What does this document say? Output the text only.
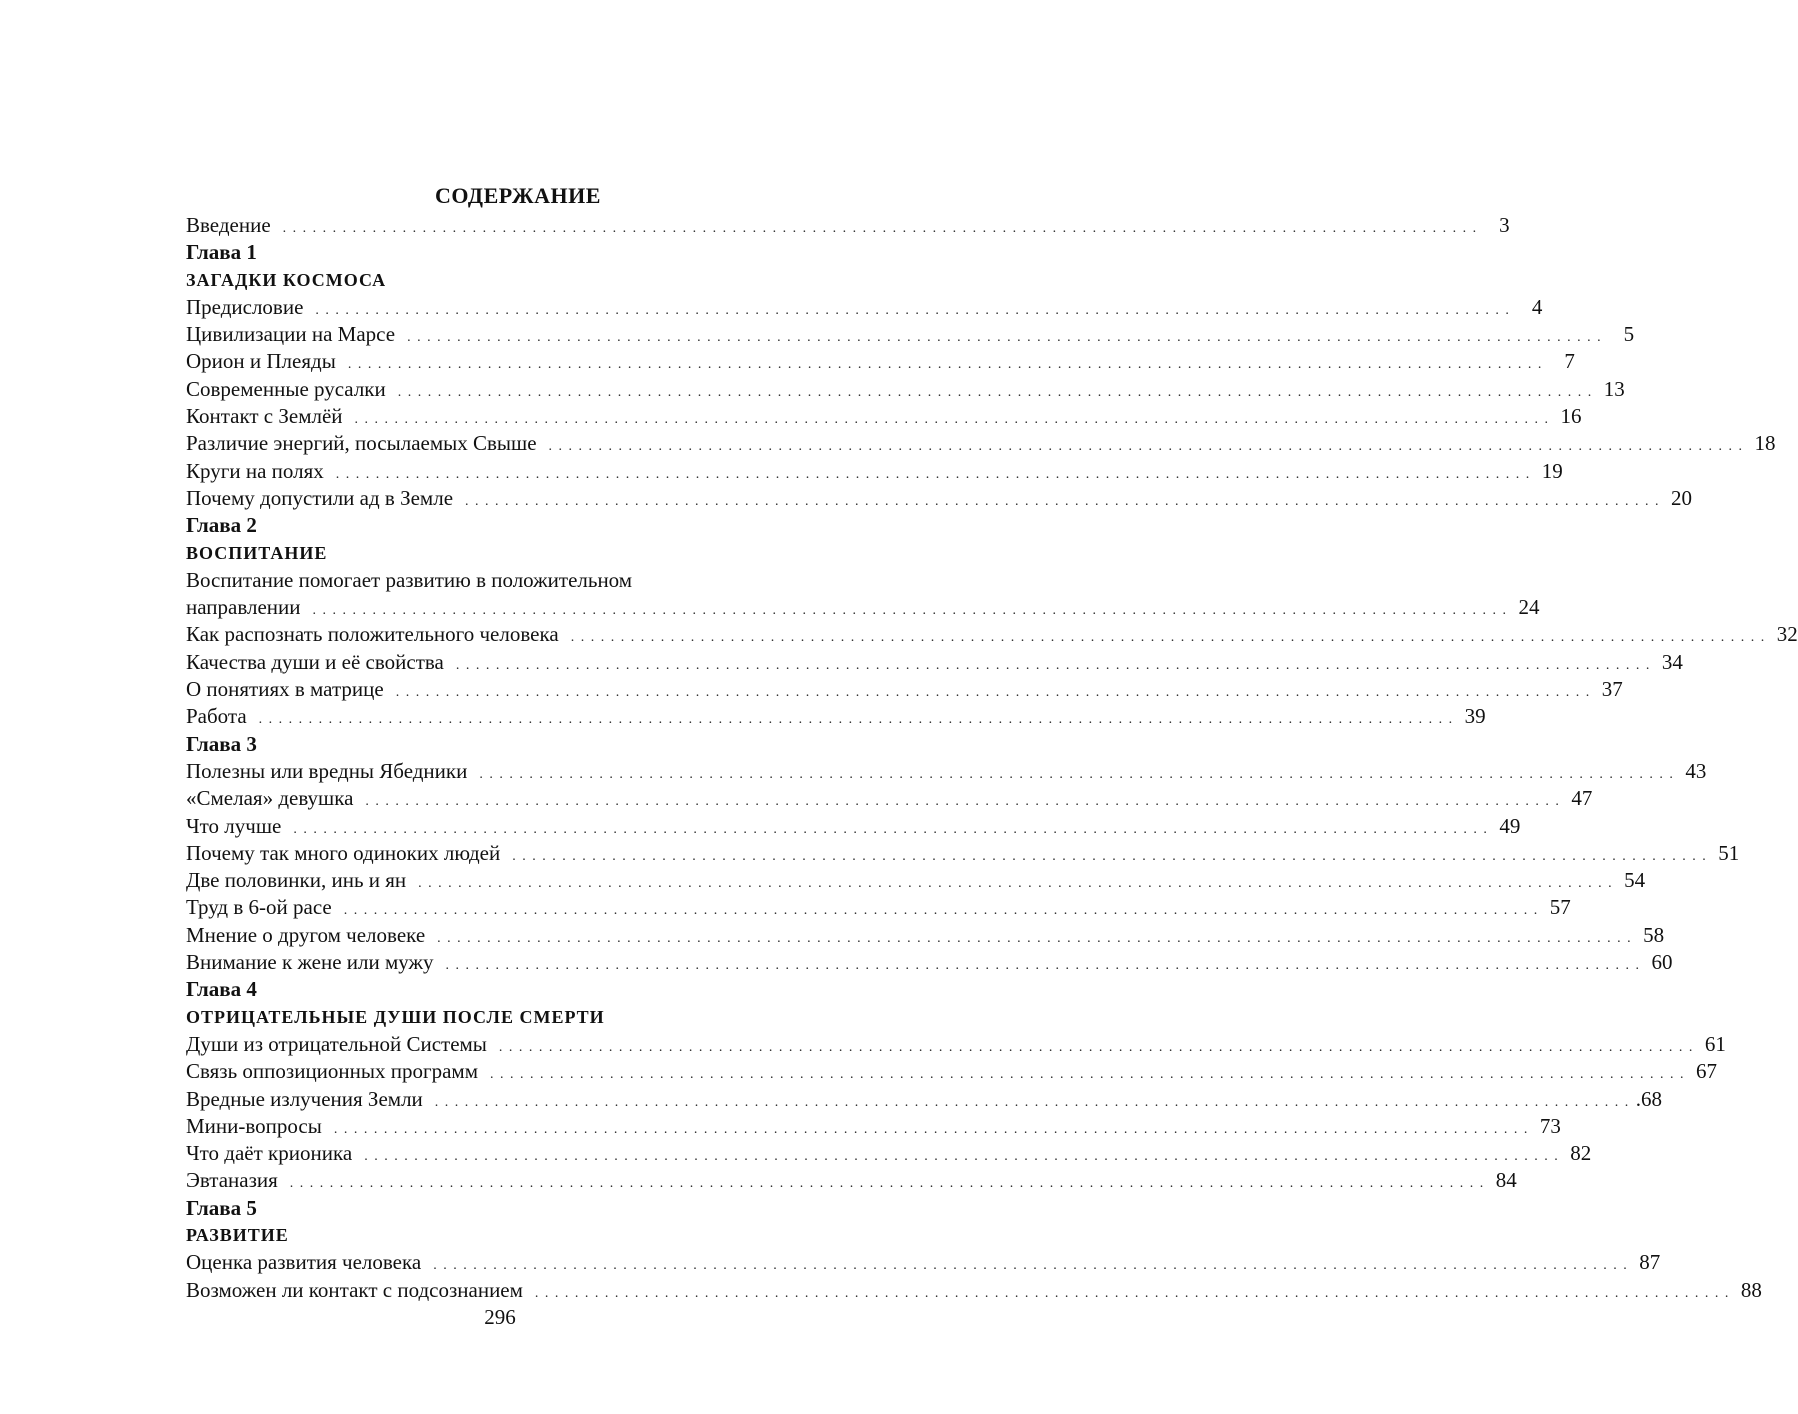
СОДЕРЖАНИЕ
Введение . . . . . . . . . . . . . . . . . . . . . . . . . . . . . . . . . . . . . . . . . . . . . . . . . . . . . . . . . . . . . . . . . . . . . . . . . . . . . . . . . . . . . . . . . . . . . . . . . . . . . . . . . . . . . . . . . . . . . . . .	3
Глава 1
ЗАГАДКИ КОСМОСА
Предисловие . . . . . . . . . . . . . . . . . . . . . . . . . . . . . . . . . . . . . . . . . . . . . . . . . . . . . . . . . . . . . . . . . . . . . . . . . . . . . . . . . . . . . . . . . . . . . . . . . . . . . . . . . . . . . . . . . . . . . . . .	4
Цивилизации на Марсе . . . . . . . . . . . . . . . . . . . . . . . . . . . . . . . . . . . . . . . . . . . . . . . . . . . . . . . . . . . . . . . . . . . . . . . . . . . . . . . . . . . . . . . . . . . . . . . . . . . . . . . . . . . . . . . . . . . . . . . .	5
Орион и Плеяды . . . . . . . . . . . . . . . . . . . . . . . . . . . . . . . . . . . . . . . . . . . . . . . . . . . . . . . . . . . . . . . . . . . . . . . . . . . . . . . . . . . . . . . . . . . . . . . . . . . . . . . . . . . . . . . . . . . . . . . .	7
Современные русалки . . . . . . . . . . . . . . . . . . . . . . . . . . . . . . . . . . . . . . . . . . . . . . . . . . . . . . . . . . . . . . . . . . . . . . . . . . . . . . . . . . . . . . . . . . . . . . . . . . . . . . . . . . . . . . . . . . . . . . . . 13
Контакт с Землёй . . . . . . . . . . . . . . . . . . . . . . . . . . . . . . . . . . . . . . . . . . . . . . . . . . . . . . . . . . . . . . . . . . . . . . . . . . . . . . . . . . . . . . . . . . . . . . . . . . . . . . . . . . . . . . . . . . . . . . . . 16
Различие энергий, посылаемых Свыше . . . . . . . . . . . . . . . . . . . . . . . . . . . . . . . . . . . . . . . . . . . . . . . . . . . . . . . . . . . . . . . . . . . . . . . . . . . . . . . . . . . . . . . . . . . . . . . . . . . . . . . . . . . . . . . . . . . . . . . . 18
Круги на полях . . . . . . . . . . . . . . . . . . . . . . . . . . . . . . . . . . . . . . . . . . . . . . . . . . . . . . . . . . . . . . . . . . . . . . . . . . . . . . . . . . . . . . . . . . . . . . . . . . . . . . . . . . . . . . . . . . . . . . . . 19
Почему допустили ад в Земле . . . . . . . . . . . . . . . . . . . . . . . . . . . . . . . . . . . . . . . . . . . . . . . . . . . . . . . . . . . . . . . . . . . . . . . . . . . . . . . . . . . . . . . . . . . . . . . . . . . . . . . . . . . . . . . . . . . . . . . . 20
Глава 2
ВОСПИТАНИЕ
Воспитание помогает развитию в положительном
направлении . . . . . . . . . . . . . . . . . . . . . . . . . . . . . . . . . . . . . . . . . . . . . . . . . . . . . . . . . . . . . . . . . . . . . . . . . . . . . . . . . . . . . . . . . . . . . . . . . . . . . . . . . . . . . . . . . . . . . . . . 24
Как распознать положительного человека . . . . . . . . . . . . . . . . . . . . . . . . . . . . . . . . . . . . . . . . . . . . . . . . . . . . . . . . . . . . . . . . . . . . . . . . . . . . . . . . . . . . . . . . . . . . . . . . . . . . . . . . . . . . . . . . . . . . . . . . 32
Качества души и её свойства . . . . . . . . . . . . . . . . . . . . . . . . . . . . . . . . . . . . . . . . . . . . . . . . . . . . . . . . . . . . . . . . . . . . . . . . . . . . . . . . . . . . . . . . . . . . . . . . . . . . . . . . . . . . . . . . . . . . . . . . 34
О понятиях в матрице . . . . . . . . . . . . . . . . . . . . . . . . . . . . . . . . . . . . . . . . . . . . . . . . . . . . . . . . . . . . . . . . . . . . . . . . . . . . . . . . . . . . . . . . . . . . . . . . . . . . . . . . . . . . . . . . . . . . . . . . 37
Работа . . . . . . . . . . . . . . . . . . . . . . . . . . . . . . . . . . . . . . . . . . . . . . . . . . . . . . . . . . . . . . . . . . . . . . . . . . . . . . . . . . . . . . . . . . . . . . . . . . . . . . . . . . . . . . . . . . . . . . . . 39
Глава 3
Полезны или вредны Ябедники . . . . . . . . . . . . . . . . . . . . . . . . . . . . . . . . . . . . . . . . . . . . . . . . . . . . . . . . . . . . . . . . . . . . . . . . . . . . . . . . . . . . . . . . . . . . . . . . . . . . . . . . . . . . . . . . . . . . . . . . 43
«Смелая» девушка . . . . . . . . . . . . . . . . . . . . . . . . . . . . . . . . . . . . . . . . . . . . . . . . . . . . . . . . . . . . . . . . . . . . . . . . . . . . . . . . . . . . . . . . . . . . . . . . . . . . . . . . . . . . . . . . . . . . . . . . 47
Что лучше . . . . . . . . . . . . . . . . . . . . . . . . . . . . . . . . . . . . . . . . . . . . . . . . . . . . . . . . . . . . . . . . . . . . . . . . . . . . . . . . . . . . . . . . . . . . . . . . . . . . . . . . . . . . . . . . . . . . . . . . 49
Почему так много одиноких людей . . . . . . . . . . . . . . . . . . . . . . . . . . . . . . . . . . . . . . . . . . . . . . . . . . . . . . . . . . . . . . . . . . . . . . . . . . . . . . . . . . . . . . . . . . . . . . . . . . . . . . . . . . . . . . . . . . . . . . . . 51
Две половинки, инь и ян . . . . . . . . . . . . . . . . . . . . . . . . . . . . . . . . . . . . . . . . . . . . . . . . . . . . . . . . . . . . . . . . . . . . . . . . . . . . . . . . . . . . . . . . . . . . . . . . . . . . . . . . . . . . . . . . . . . . . . . . 54
Труд в 6-ой расе . . . . . . . . . . . . . . . . . . . . . . . . . . . . . . . . . . . . . . . . . . . . . . . . . . . . . . . . . . . . . . . . . . . . . . . . . . . . . . . . . . . . . . . . . . . . . . . . . . . . . . . . . . . . . . . . . . . . . . . . 57
Мнение о другом человеке . . . . . . . . . . . . . . . . . . . . . . . . . . . . . . . . . . . . . . . . . . . . . . . . . . . . . . . . . . . . . . . . . . . . . . . . . . . . . . . . . . . . . . . . . . . . . . . . . . . . . . . . . . . . . . . . . . . . . . . . 58
Внимание к жене или мужу . . . . . . . . . . . . . . . . . . . . . . . . . . . . . . . . . . . . . . . . . . . . . . . . . . . . . . . . . . . . . . . . . . . . . . . . . . . . . . . . . . . . . . . . . . . . . . . . . . . . . . . . . . . . . . . . . . . . . . . . 60
Глава 4
ОТРИЦАТЕЛЬНЫЕ ДУШИ ПОСЛЕ СМЕРТИ
Души из отрицательной Системы . . . . . . . . . . . . . . . . . . . . . . . . . . . . . . . . . . . . . . . . . . . . . . . . . . . . . . . . . . . . . . . . . . . . . . . . . . . . . . . . . . . . . . . . . . . . . . . . . . . . . . . . . . . . . . . . . . . . . . . . 61
Связь оппозиционных программ . . . . . . . . . . . . . . . . . . . . . . . . . . . . . . . . . . . . . . . . . . . . . . . . . . . . . . . . . . . . . . . . . . . . . . . . . . . . . . . . . . . . . . . . . . . . . . . . . . . . . . . . . . . . . . . . . . . . . . . . 67
Вредные излучения Земли . . . . . . . . . . . . . . . . . . . . . . . . . . . . . . . . . . . . . . . . . . . . . . . . . . . . . . . . . . . . . . . . . . . . . . . . . . . . . . . . . . . . . . . . . . . . . . . . . . . . . . . . . . . . . . . . . . . . . . . . .68
Мини-вопросы . . . . . . . . . . . . . . . . . . . . . . . . . . . . . . . . . . . . . . . . . . . . . . . . . . . . . . . . . . . . . . . . . . . . . . . . . . . . . . . . . . . . . . . . . . . . . . . . . . . . . . . . . . . . . . . . . . . . . . . . 73
Что даёт крионика . . . . . . . . . . . . . . . . . . . . . . . . . . . . . . . . . . . . . . . . . . . . . . . . . . . . . . . . . . . . . . . . . . . . . . . . . . . . . . . . . . . . . . . . . . . . . . . . . . . . . . . . . . . . . . . . . . . . . . . . 82
Эвтаназия . . . . . . . . . . . . . . . . . . . . . . . . . . . . . . . . . . . . . . . . . . . . . . . . . . . . . . . . . . . . . . . . . . . . . . . . . . . . . . . . . . . . . . . . . . . . . . . . . . . . . . . . . . . . . . . . . . . . . . . . 84
Глава 5
РАЗВИТИЕ
Оценка развития человека . . . . . . . . . . . . . . . . . . . . . . . . . . . . . . . . . . . . . . . . . . . . . . . . . . . . . . . . . . . . . . . . . . . . . . . . . . . . . . . . . . . . . . . . . . . . . . . . . . . . . . . . . . . . . . . . . . . . . . . . 87
Возможен ли контакт с подсознанием . . . . . . . . . . . . . . . . . . . . . . . . . . . . . . . . . . . . . . . . . . . . . . . . . . . . . . . . . . . . . . . . . . . . . . . . . . . . . . . . . . . . . . . . . . . . . . . . . . . . . . . . . . . . . . . . . . . . . . . . 88
296
